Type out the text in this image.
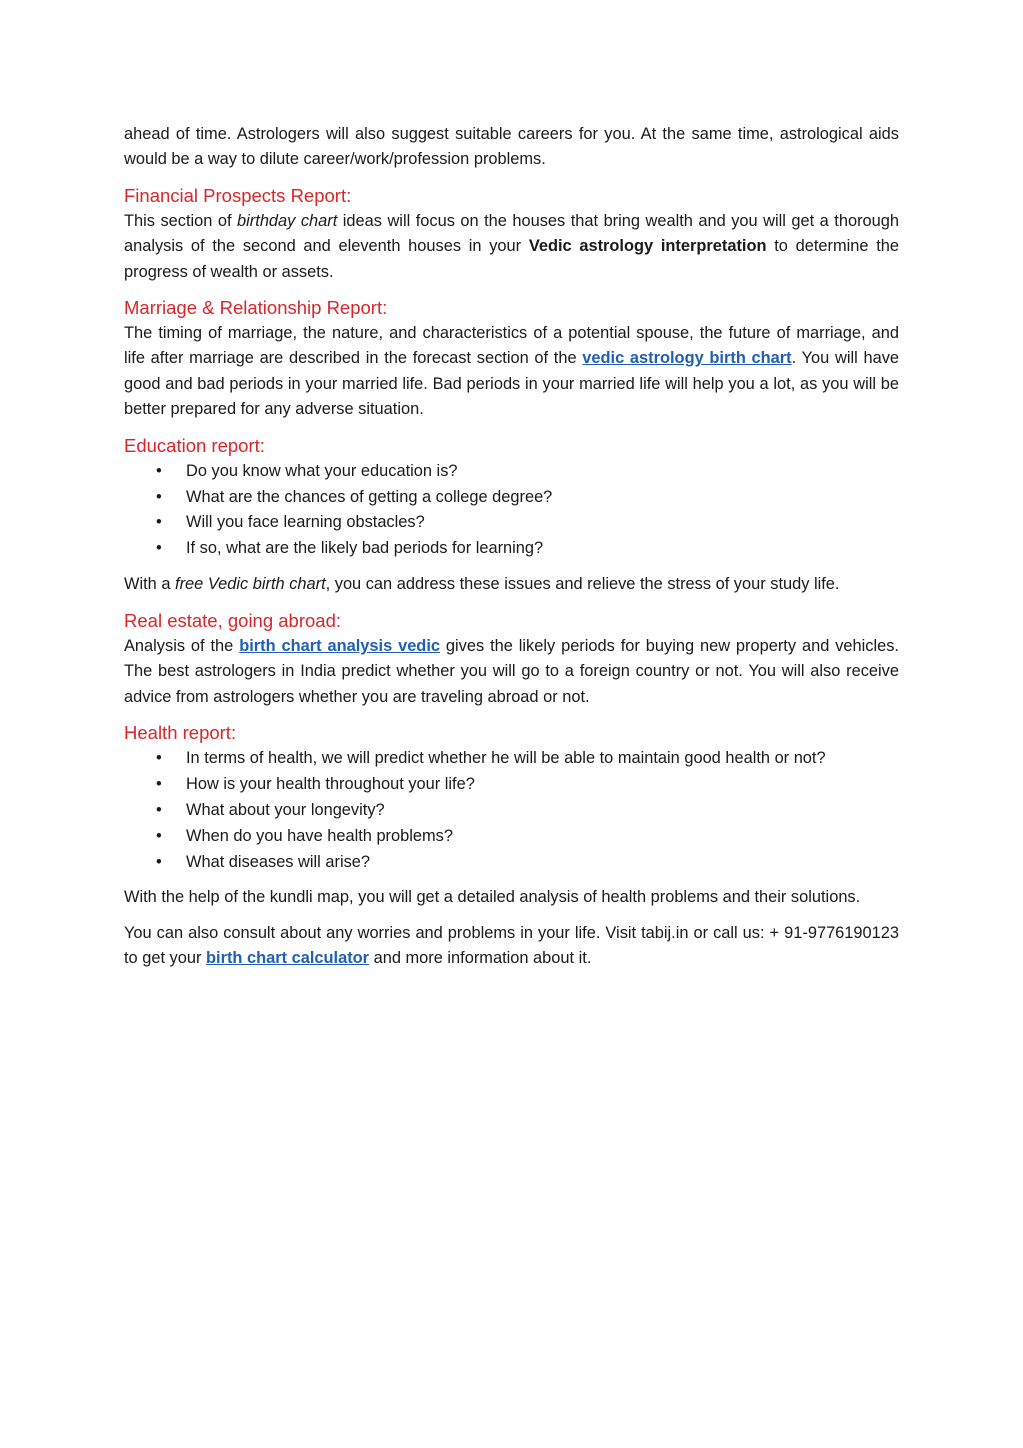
ahead of time. Astrologers will also suggest suitable careers for you. At the same time, astrological aids would be a way to dilute career/work/profession problems.

Financial Prospects Report:

This section of birthday chart ideas will focus on the houses that bring wealth and you will get a thorough analysis of the second and eleventh houses in your Vedic astrology interpretation to determine the progress of wealth or assets.

Marriage & Relationship Report:

The timing of marriage, the nature, and characteristics of a potential spouse, the future of marriage, and life after marriage are described in the forecast section of the vedic astrology birth chart. You will have good and bad periods in your married life. Bad periods in your married life will help you a lot, as you will be better prepared for any adverse situation.

Education report:
• Do you know what your education is?
• What are the chances of getting a college degree?
• Will you face learning obstacles?
• If so, what are the likely bad periods for learning?

With a free Vedic birth chart, you can address these issues and relieve the stress of your study life.

Real estate, going abroad:

Analysis of the birth chart analysis vedic gives the likely periods for buying new property and vehicles. The best astrologers in India predict whether you will go to a foreign country or not. You will also receive advice from astrologers whether you are traveling abroad or not.

Health report:
• In terms of health, we will predict whether he will be able to maintain good health or not?
• How is your health throughout your life?
• What about your longevity?
• When do you have health problems?
• What diseases will arise?

With the help of the kundli map, you will get a detailed analysis of health problems and their solutions.

You can also consult about any worries and problems in your life. Visit tabij.in or call us: + 91-9776190123 to get your birth chart calculator and more information about it.
